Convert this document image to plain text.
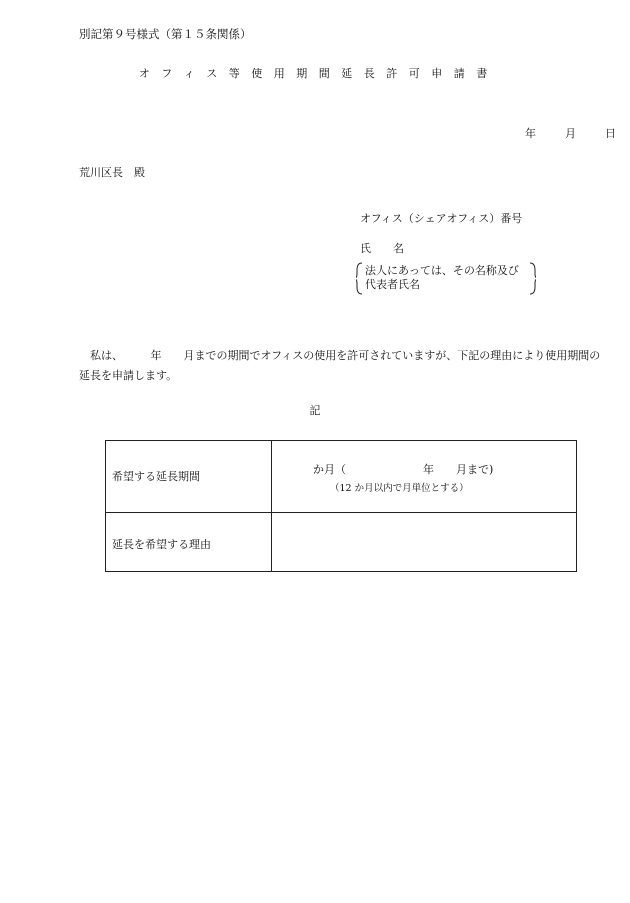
別記第９号様式（第１５条関係）
オ フ ィ ス 等 使 用 期 間 延 長 許 可 申 請 書
年	月	日
荒川区長　殿
オフィス（シェアオフィス）番号
氏　　名
法人にあっては、その名称及び
代表者氏名
　私は、　　　年　　月までの期間でオフィスの使用を許可されていますが、下記の理由により使用期間の延長を申請します。
記
希望する延長期間
か月（　　　　　　　年　　月まで)
（12 か月以内で月単位とする）
延長を希望する理由
